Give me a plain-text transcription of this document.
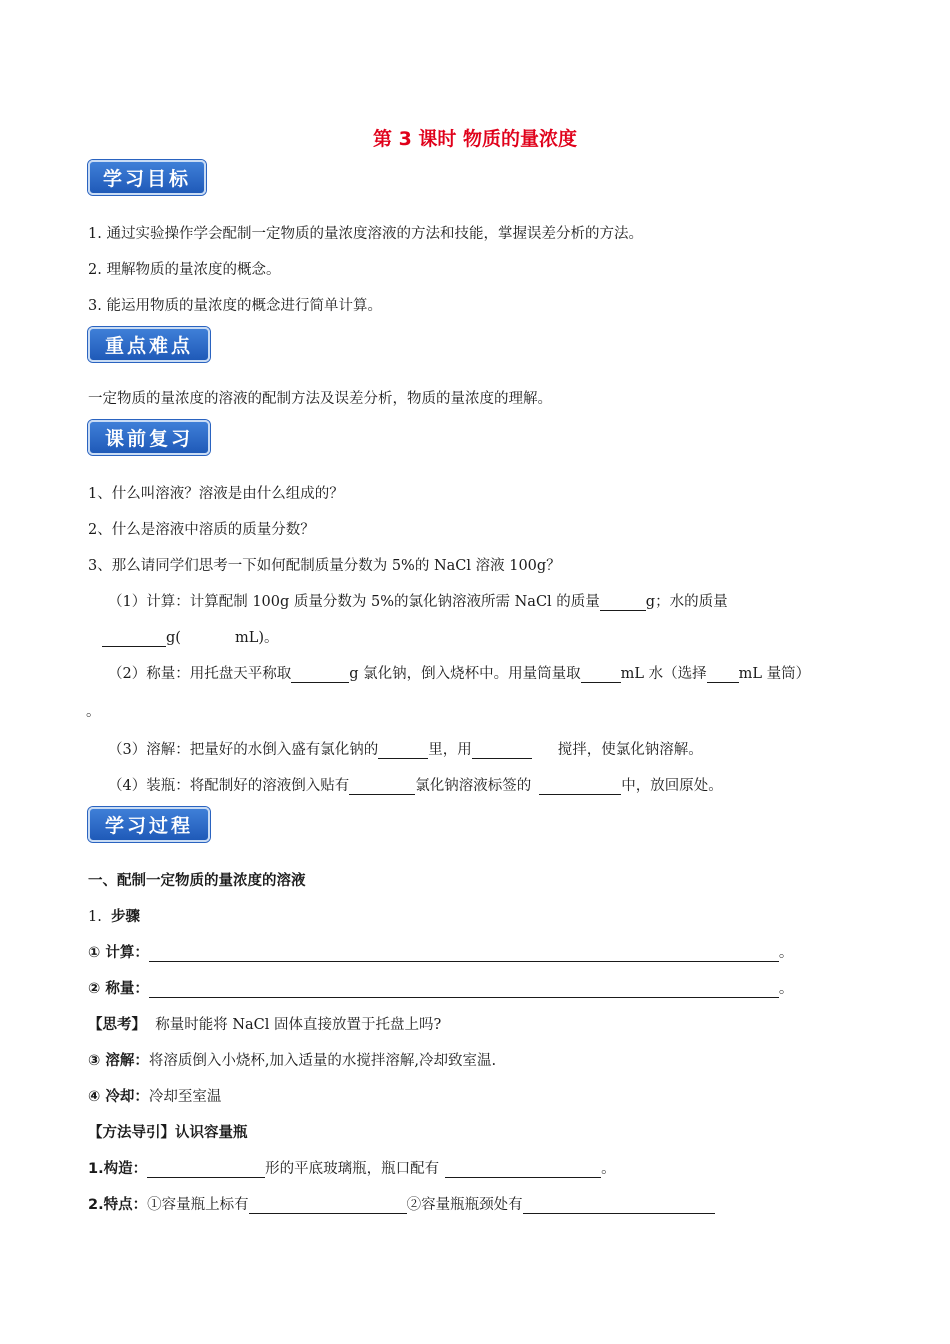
第 3 课时 物质的量浓度
学习目标
1. 通过实验操作学会配制一定物质的量浓度溶液的方法和技能，掌握误差分析的方法。
2. 理解物质的量浓度的概念。
3. 能运用物质的量浓度的概念进行简单计算。
重点难点
一定物质的量浓度的溶液的配制方法及误差分析，物质的量浓度的理解。
课前复习
1、什么叫溶液？溶液是由什么组成的？
2、什么是溶液中溶质的质量分数？
3、那么请同学们思考一下如何配制质量分数为 5%的 NaCl 溶液 100g？
（1）计算：计算配制 100g 质量分数为 5%的氯化钠溶液所需 NaCl 的质量	g；水的质量
g(	mL)。
（2）称量：用托盘天平称取	g 氯化钠，倒入烧杯中。用量筒量取	mL 水（选择 mL 量筒）
。
（3）溶解：把量好的水倒入盛有氯化钠的	里，用	搅拌，使氯化钠溶解。
（4）装瓶：将配制好的溶液倒入贴有	氯化钠溶液标签的	中，放回原处。
学习过程
一、配制一定物质的量浓度的溶液
1. 步骤
① 计算：	。
② 称量：	。
【思考】 称量时能将 NaCl 固体直接放置于托盘上吗?
③ 溶解：将溶质倒入小烧杯,加入适量的水搅拌溶解,冷却致室温.
④ 冷却：冷却至室温
【方法导引】认识容量瓶
1.构造：	形的平底玻璃瓶，瓶口配有	。
2.特点：①容量瓶上标有	②容量瓶瓶颈处有
